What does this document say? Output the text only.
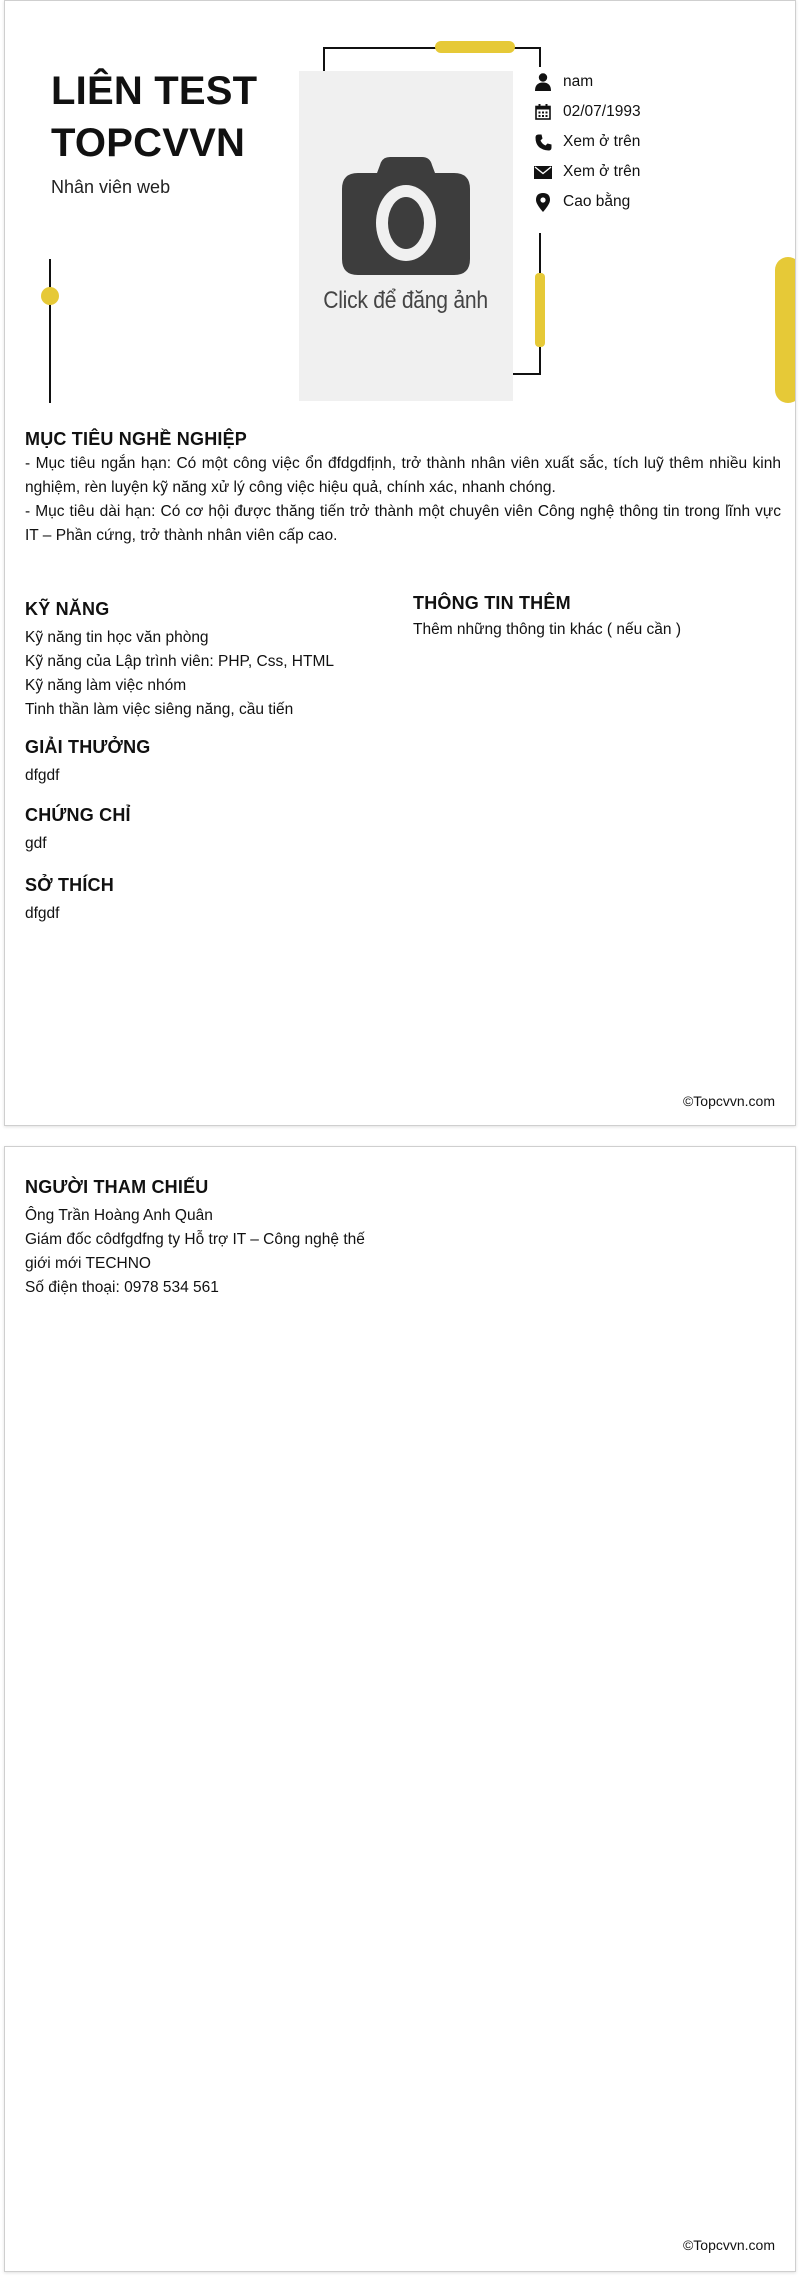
LIÊN TEST
TOPCVVN
Nhân viên web
Click để đăng ảnh
nam
02/07/1993
Xem ở trên
Xem ở trên
Cao bằng
MỤC TIÊU NGHỀ NGHIỆP

- Mục tiêu ngắn hạn: Có một công việc ổn đfdgdfịnh, trở thành nhân viên xuất sắc, tích luỹ thêm nhiều kinh nghiệm, rèn luyện kỹ năng xử lý công việc hiệu quả, chính xác, nhanh chóng.

- Mục tiêu dài hạn: Có cơ hội được thăng tiến trở thành một chuyên viên Công nghệ thông tin trong lĩnh vực IT – Phần cứng, trở thành nhân viên cấp cao.

KỸ NĂNG
Kỹ năng tin học văn phòng
Kỹ năng của Lập trình viên: PHP, Css, HTML
Kỹ năng làm việc nhóm
Tinh thần làm việc siêng năng, cầu tiến
THÔNG TIN THÊM
Thêm những thông tin khác ( nếu cần )
GIẢI THƯỞNG
dfgdf
CHỨNG CHỈ
gdf
SỞ THÍCH
dfgdf
©Topcvvn.com
NGƯỜI THAM CHIẾU
Ông Trần Hoàng Anh Quân
Giám đốc côdfgdfng ty Hỗ trợ IT – Công nghệ thế
giới mới TECHNO
Số điện thoại: 0978 534 561
©Topcvvn.com
